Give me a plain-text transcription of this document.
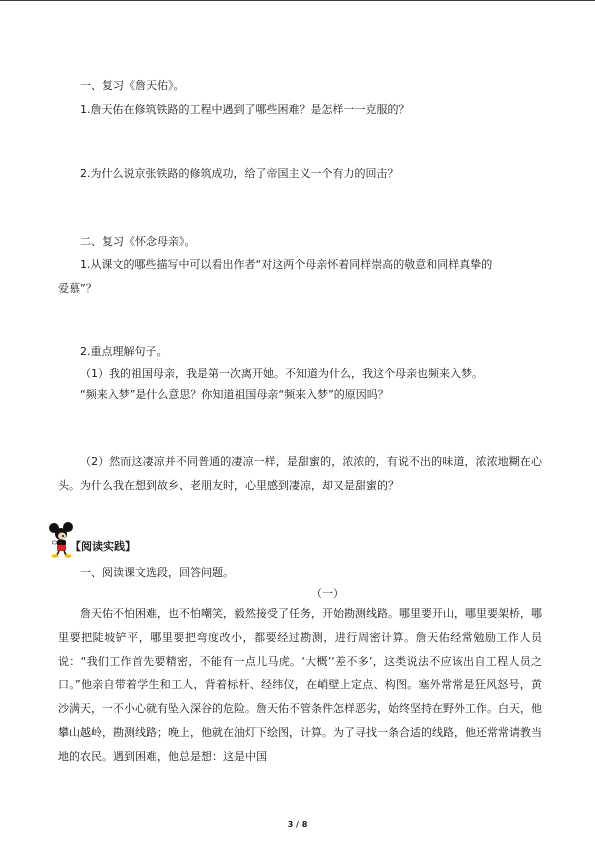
一、复习《詹天佑》。
1.詹天佑在修筑铁路的工程中遇到了哪些困难？是怎样一一克服的？
2.为什么说京张铁路的修筑成功，给了帝国主义一个有力的回击？
二、复习《怀念母亲》。
1.从课文的哪些描写中可以看出作者“对这两个母亲怀着同样崇高的敬意和同样真挚的
爱慕”？
2.重点理解句子。
（1）我的祖国母亲，我是第一次离开她。不知道为什么，我这个母亲也频来入梦。
“频来入梦”是什么意思？你知道祖国母亲“频来入梦”的原因吗？
（2）然而这凄凉并不同普通的凄凉一样，是甜蜜的，浓浓的，有说不出的味道，浓浓地糊在心头。为什么我在想到故乡、老朋友时，心里感到凄凉，却又是甜蜜的？
【阅读实践】
一、阅读课文选段，回答问题。
（一）
詹天佑不怕困难，也不怕嘲笑，毅然接受了任务，开始勘测线路。哪里要开山，哪里要架桥，哪里要把陡坡铲平，哪里要把弯度改小，都要经过勘测，进行周密计算。詹天佑经常勉励工作人员说：“我们工作首先要精密，不能有一点儿马虎。‘大概’‘差不多’，这类说法不应该出自工程人员之口。”他亲自带着学生和工人，背着标杆、经纬仪，在峭壁上定点、构图。塞外常常是狂风怒号，黄沙满天，一不小心就有坠入深谷的危险。詹天佑不管条件怎样恶劣，始终坚持在野外工作。白天，他攀山越岭，勘测线路；晚上，他就在油灯下绘图，计算。为了寻找一条合适的线路，他还常常请教当地的农民。遇到困难，他总是想：这是中国
3 / 8
